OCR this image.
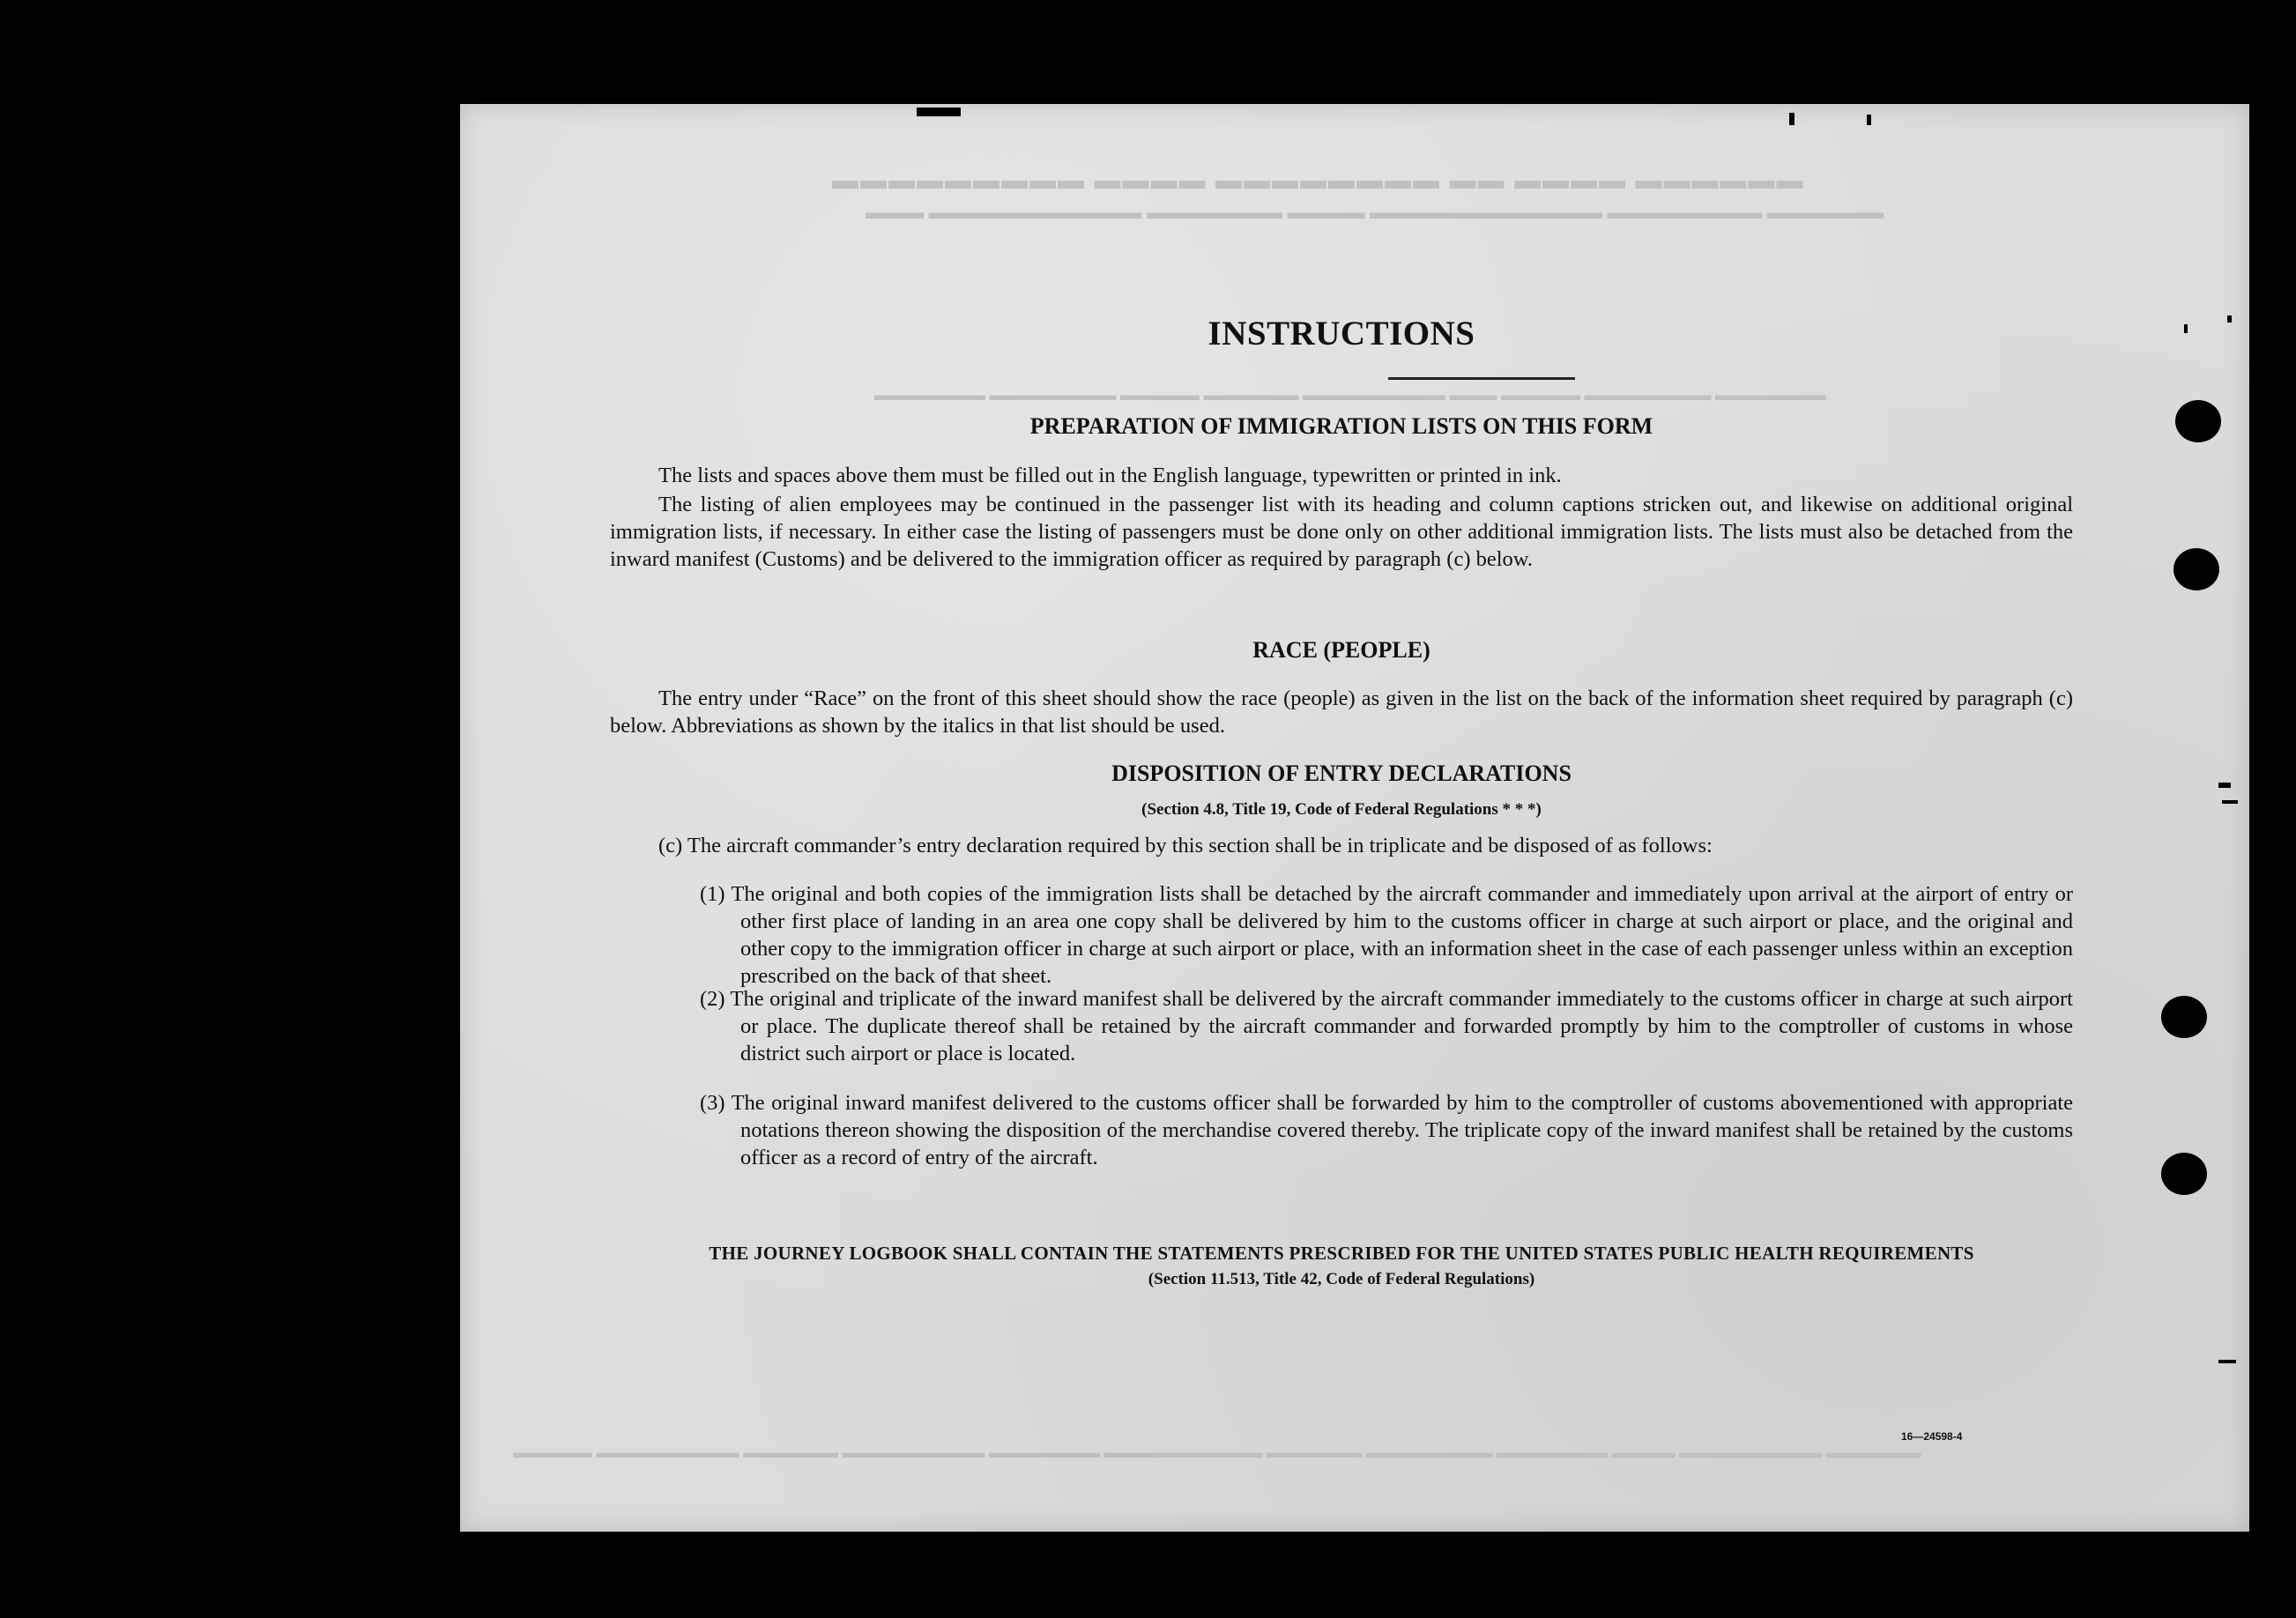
▬▬▬▬▬▬ ▬▬▬▬ ▬▬ ▬▬▬▬▬▬▬▬ ▬▬▬▬ ▬▬▬▬▬▬▬▬▬
▬▬▬▬▬▬ ▬▬▬▬▬▬▬▬ ▬▬▬▬▬▬▬▬▬▬▬▬ ▬▬▬▬ ▬▬▬▬▬▬▬ ▬▬▬▬▬▬▬▬▬▬▬ ▬▬▬
▬▬▬▬▬▬▬ ▬▬▬▬▬▬▬▬ ▬▬▬▬▬ ▬▬▬ ▬▬▬▬▬▬▬▬▬ ▬▬▬▬▬▬ ▬▬▬▬▬ ▬▬▬▬▬▬▬▬ ▬▬▬▬▬▬▬
▬▬▬▬▬▬ ▬▬▬▬▬▬▬▬▬ ▬▬▬▬ ▬▬▬▬▬▬▬ ▬▬▬▬▬▬▬▬ ▬▬▬▬▬▬ ▬▬▬▬▬▬▬▬▬▬ ▬▬▬▬▬▬▬ ▬▬▬▬▬▬▬▬▬ ▬▬▬▬▬▬ ▬▬▬▬▬▬▬▬▬ ▬▬▬▬▬
INSTRUCTIONS
PREPARATION OF IMMIGRATION LISTS ON THIS FORM
The lists and spaces above them must be filled out in the English language, typewritten or printed in ink.
The listing of alien employees may be continued in the passenger list with its heading and column captions stricken out, and likewise on additional original immigration lists, if necessary. In either case the listing of passengers must be done only on other additional immigration lists. The lists must also be detached from the inward manifest (Customs) and be delivered to the immigration officer as required by paragraph (c) below.
RACE (PEOPLE)
The entry under “Race” on the front of this sheet should show the race (people) as given in the list on the back of the information sheet required by paragraph (c) below. Abbreviations as shown by the italics in that list should be used.
DISPOSITION OF ENTRY DECLARATIONS
(Section 4.8, Title 19, Code of Federal Regulations * * *)
(c) The aircraft commander’s entry declaration required by this section shall be in triplicate and be disposed of as follows:
(1) The original and both copies of the immigration lists shall be detached by the aircraft commander and immediately upon arrival at the airport of entry or other first place of landing in an area one copy shall be delivered by him to the customs officer in charge at such airport or place, and the original and other copy to the immigration officer in charge at such airport or place, with an information sheet in the case of each passenger unless within an exception prescribed on the back of that sheet.
(2) The original and triplicate of the inward manifest shall be delivered by the aircraft commander immediately to the customs officer in charge at such airport or place. The duplicate thereof shall be retained by the aircraft commander and forwarded promptly by him to the comptroller of customs in whose district such airport or place is located.
(3) The original inward manifest delivered to the customs officer shall be forwarded by him to the comptroller of customs abovementioned with appropriate notations thereon showing the disposition of the merchandise covered thereby. The triplicate copy of the inward manifest shall be retained by the customs officer as a record of entry of the aircraft.
THE JOURNEY LOGBOOK SHALL CONTAIN THE STATEMENTS PRESCRIBED FOR THE UNITED STATES PUBLIC HEALTH REQUIREMENTS
(Section 11.513, Title 42, Code of Federal Regulations)
16—24598-4
